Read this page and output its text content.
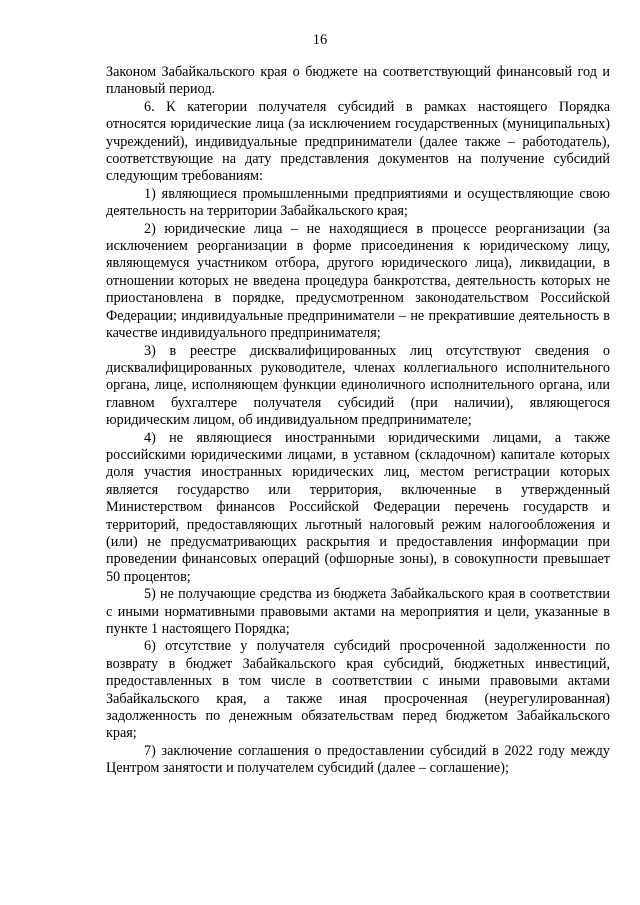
16

Законом Забайкальского края о бюджете на соответствующий финансовый год и плановый период.

6. К категории получателя субсидий в рамках настоящего Порядка относятся юридические лица (за исключением государственных (муниципальных) учреждений), индивидуальные предприниматели (далее также – работодатель), соответствующие на дату представления документов на получение субсидий следующим требованиям:

1) являющиеся промышленными предприятиями и осуществляющие свою деятельность на территории Забайкальского края;

2) юридические лица – не находящиеся в процессе реорганизации (за исключением реорганизации в форме присоединения к юридическому лицу, являющемуся участником отбора, другого юридического лица), ликвидации, в отношении которых не введена процедура банкротства, деятельность которых не приостановлена в порядке, предусмотренном законодательством Российской Федерации; индивидуальные предприниматели – не прекратившие деятельность в качестве индивидуального предпринимателя;

3) в реестре дисквалифицированных лиц отсутствуют сведения о дисквалифицированных руководителе, членах коллегиального исполнительного органа, лице, исполняющем функции единоличного исполнительного органа, или главном бухгалтере получателя субсидий (при наличии), являющегося юридическим лицом, об индивидуальном предпринимателе;

4) не являющиеся иностранными юридическими лицами, а также российскими юридическими лицами, в уставном (складочном) капитале которых доля участия иностранных юридических лиц, местом регистрации которых является государство или территория, включенные в утвержденный Министерством финансов Российской Федерации перечень государств и территорий, предоставляющих льготный налоговый режим налогообложения и (или) не предусматривающих раскрытия и предоставления информации при проведении финансовых операций (офшорные зоны), в совокупности превышает 50 процентов;

5) не получающие средства из бюджета Забайкальского края в соответствии с иными нормативными правовыми актами на мероприятия и цели, указанные в пункте 1 настоящего Порядка;

6) отсутствие у получателя субсидий просроченной задолженности по возврату в бюджет Забайкальского края субсидий, бюджетных инвестиций, предоставленных в том числе в соответствии с иными правовыми актами Забайкальского края, а также иная просроченная (неурегулированная) задолженность по денежным обязательствам перед бюджетом Забайкальского края;

7) заключение соглашения о предоставлении субсидий в 2022 году между Центром занятости и получателем субсидий (далее – соглашение);
